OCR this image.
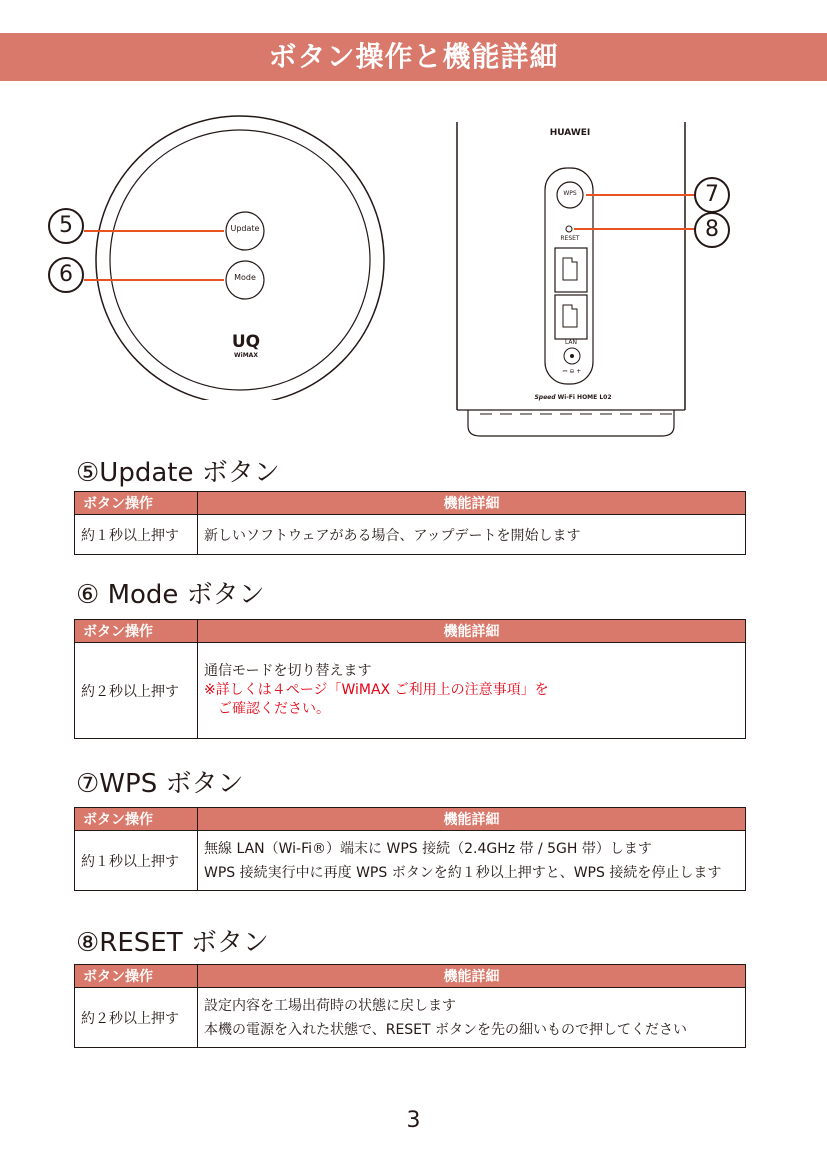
ボタン操作と機能詳細
Update
Mode
UQ
WiMAX
5
6
HUAWEI
WPS
RESET
LAN
⎓ ⊖ +
Speed Wi-Fi HOME L02
7
8
⑤Update ボタン
ボタン操作	機能詳細
約１秒以上押す	新しいソフトウェアがある場合、アップデートを開始します
⑥ Mode ボタン
ボタン操作	機能詳細
約２秒以上押す	通信モードを切り替えます
※詳しくは４ページ「WiMAX ご利用上の注意事項」を
　ご確認ください。
⑦WPS ボタン
ボタン操作	機能詳細
約１秒以上押す	無線 LAN（Wi-Fi®）端末に WPS 接続（2.4GHz 帯 / 5GH 帯）します
WPS 接続実行中に再度 WPS ボタンを約１秒以上押すと、WPS 接続を停止します
⑧RESET ボタン
ボタン操作	機能詳細
約２秒以上押す	設定内容を工場出荷時の状態に戻します
本機の電源を入れた状態で、RESET ボタンを先の細いもので押してください
3
